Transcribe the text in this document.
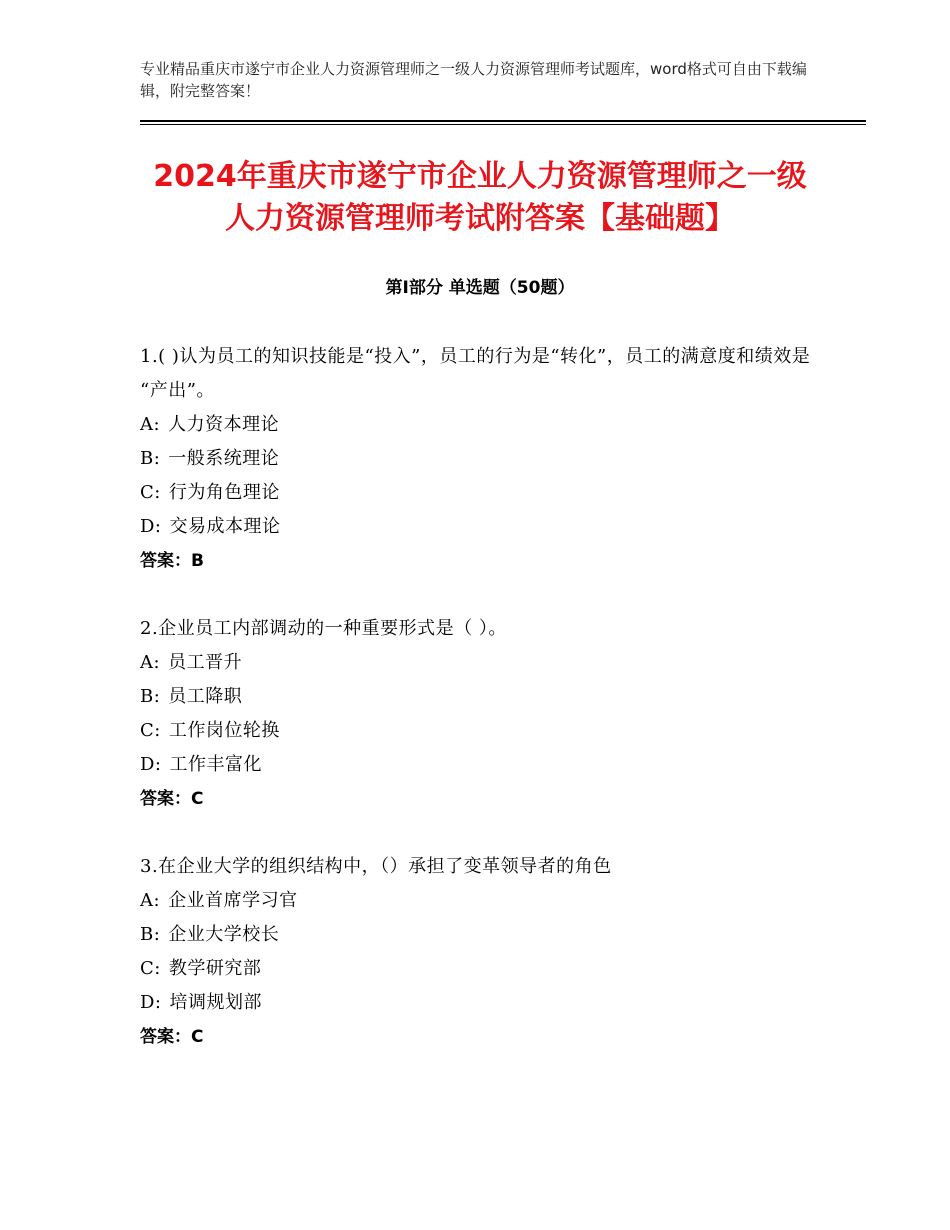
专业精品重庆市遂宁市企业人力资源管理师之一级人力资源管理师考试题库，word格式可自由下载编辑，附完整答案！
2024年重庆市遂宁市企业人力资源管理师之一级人力资源管理师考试附答案【基础题】
第Ⅰ部分 单选题（50题）
1.( )认为员工的知识技能是“投入”，员工的行为是“转化”，员工的满意度和绩效是 “产出”。
A: 人力资本理论
B: 一般系统理论
C: 行为角色理论
D: 交易成本理论
答案：B
2.企业员工内部调动的一种重要形式是（ ）。
A: 员工晋升
B: 员工降职
C: 工作岗位轮换
D: 工作丰富化
答案：C
3.在企业大学的组织结构中，（）承担了变革领导者的角色
A: 企业首席学习官
B: 企业大学校长
C: 教学研究部
D: 培调规划部
答案：C
